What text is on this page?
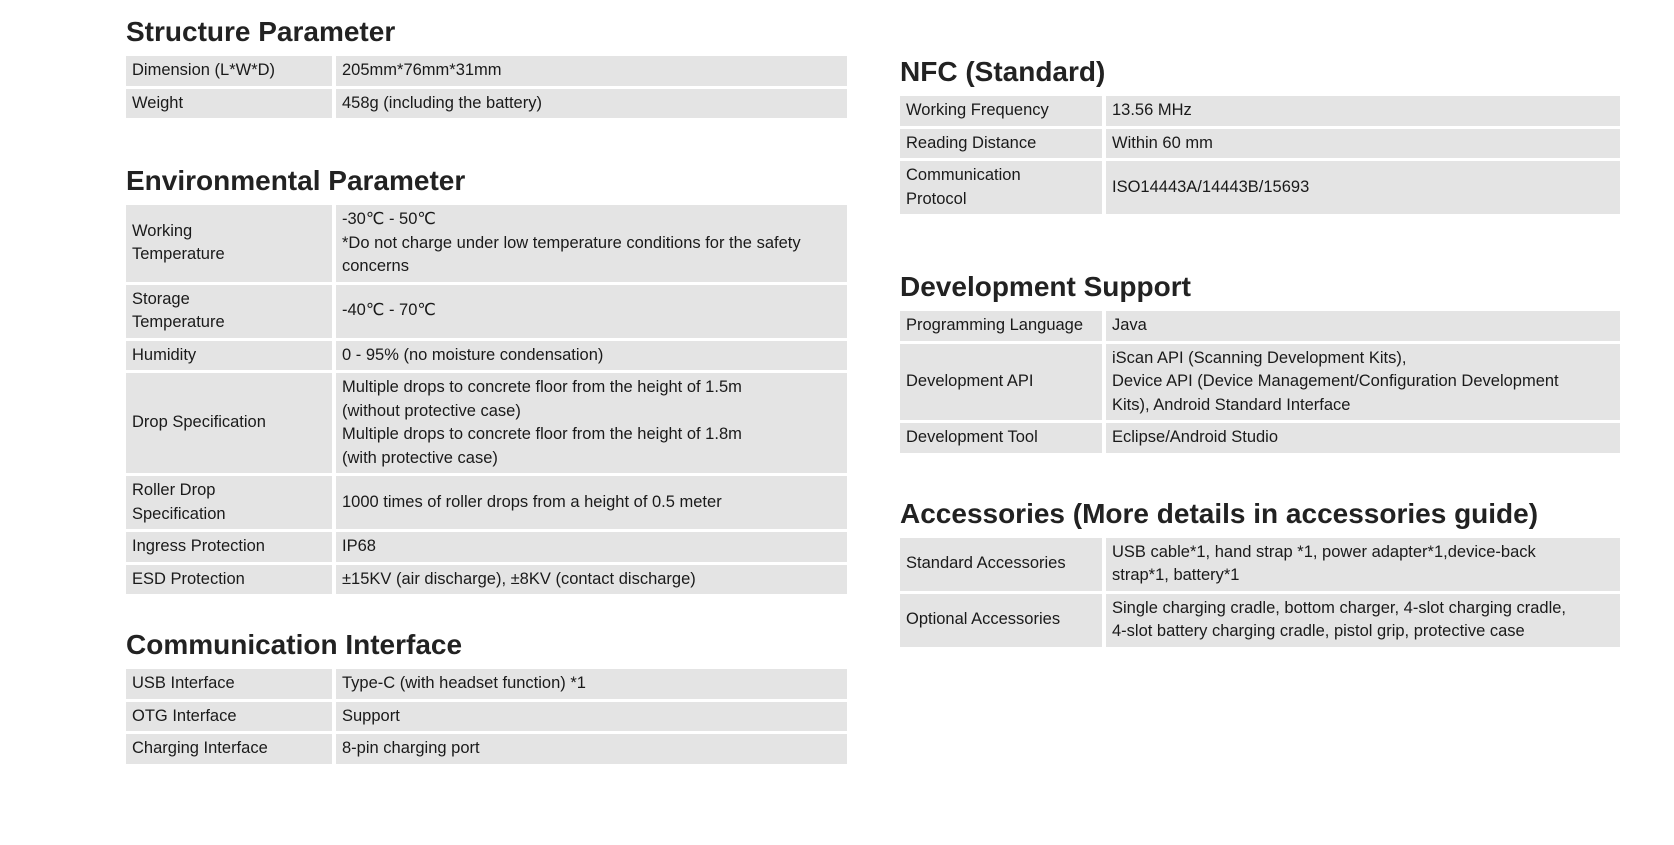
Structure Parameter
Dimension (L*W*D)	205mm*76mm*31mm

Weight	458g (including the battery)
Environmental Parameter
Working
Temperature	-30℃ - 50℃
*Do not charge under low temperature conditions for the safety concerns

Storage
Temperature	-40℃ - 70℃

Humidity	0 - 95% (no moisture condensation)

Drop Specification	Multiple drops to concrete floor from the height of 1.5m
(without protective case)
Multiple drops to concrete floor from the height of 1.8m
(with protective case)

Roller Drop
Specification	1000 times of roller drops from a height of 0.5 meter

Ingress Protection	IP68

ESD Protection	±15KV (air discharge), ±8KV (contact discharge)
Communication Interface
USB Interface	Type-C (with headset function) *1

OTG Interface	Support

Charging Interface	8-pin charging port
NFC (Standard)
Working Frequency	13.56 MHz

Reading Distance	Within 60 mm

Communication
Protocol	ISO14443A/14443B/15693
Development Support
Programming Language	Java

Development API	iScan API (Scanning Development Kits),
Device API (Device Management/Configuration Development
Kits), Android Standard Interface

Development Tool	Eclipse/Android Studio
Accessories (More details in accessories guide)
Standard Accessories	USB cable*1, hand strap *1, power adapter*1,device-back
strap*1, battery*1

Optional Accessories	Single charging cradle, bottom charger, 4-slot charging cradle,
4-slot battery charging cradle, pistol grip, protective case
